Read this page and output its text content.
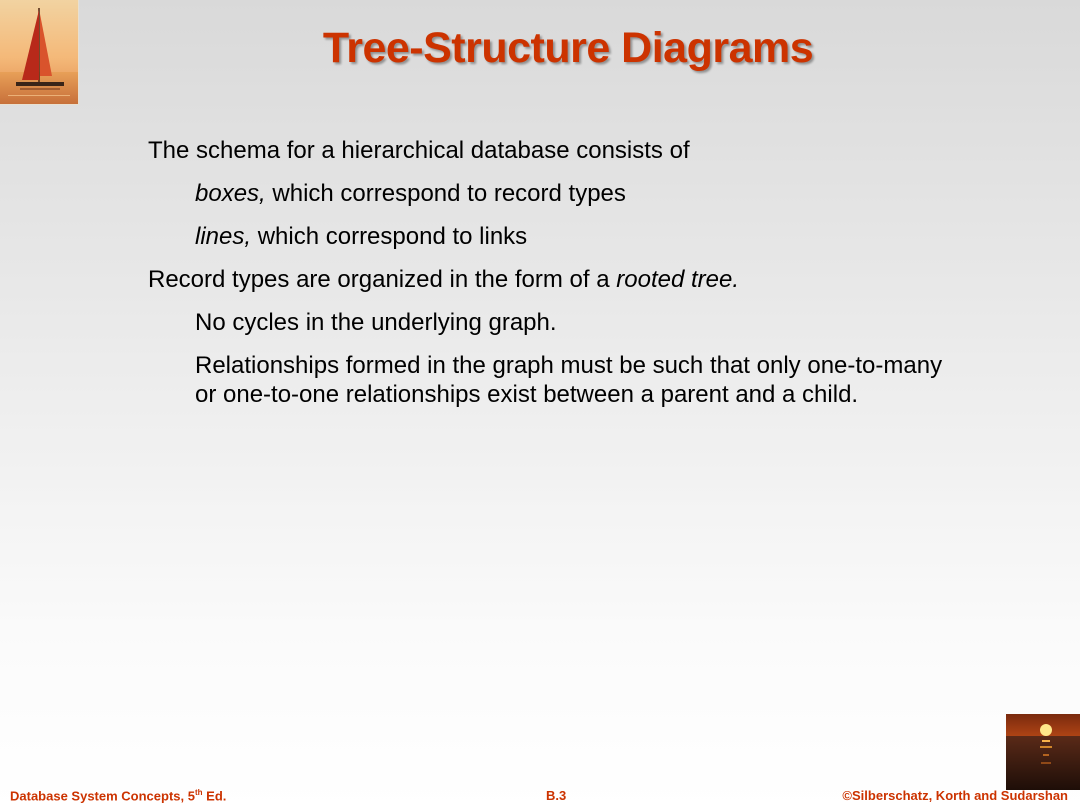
Tree-Structure Diagrams

The schema for a hierarchical database consists of

boxes, which correspond to record types

lines, which correspond to links

Record types are organized in the form of a rooted tree.

No cycles in the underlying graph.

Relationships formed in the graph must be such that only one-to-many or one-to-one relationships exist between a parent and a child.

Database System Concepts, 5th Ed.	B.3	©Silberschatz, Korth and Sudarshan
